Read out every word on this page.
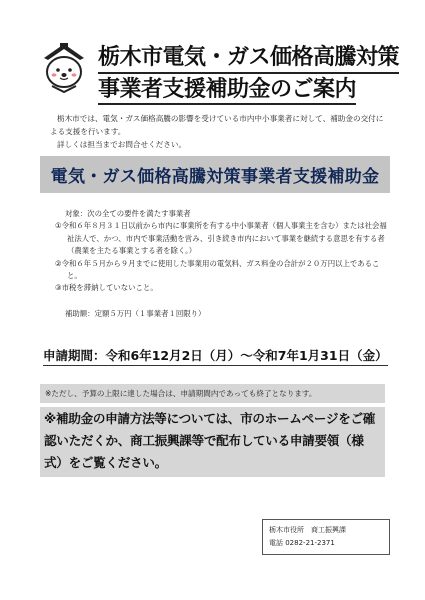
栃木市電気・ガス価格高騰対策
事業者支援補助金のご案内

栃木市では、電気・ガス価格高騰の影響を受けている市内中小事業者に対して、補助金の交付による支援を行います。

詳しくは担当までお問合せください。

電気・ガス価格高騰対策事業者支援補助金
対象：次の全ての要件を満たす事業者
①令和６年８月３１日以前から市内に事業所を有する中小事業者（個人事業主を含む）または社会福祉法人で、かつ、市内で事業活動を営み、引き続き市内において事業を継続する意思を有する者（農業を主たる事業とする者を除く。）
②令和６年５月から９月までに使用した事業用の電気料、ガス料金の合計が２０万円以上であること。
③市税を滞納していないこと。
補助額：定額５万円（１事業者１回限り）
申請期間：令和6年12月2日（月）～令和7年1月31日（金）
※ただし、予算の上限に達した場合は、申請期間内であっても終了となります。
※補助金の申請方法等については、市のホームページをご確認いただくか、商工振興課等で配布している申請要領（様式）をご覧ください。
栃木市役所　商工振興課
電話 0282-21-2371
